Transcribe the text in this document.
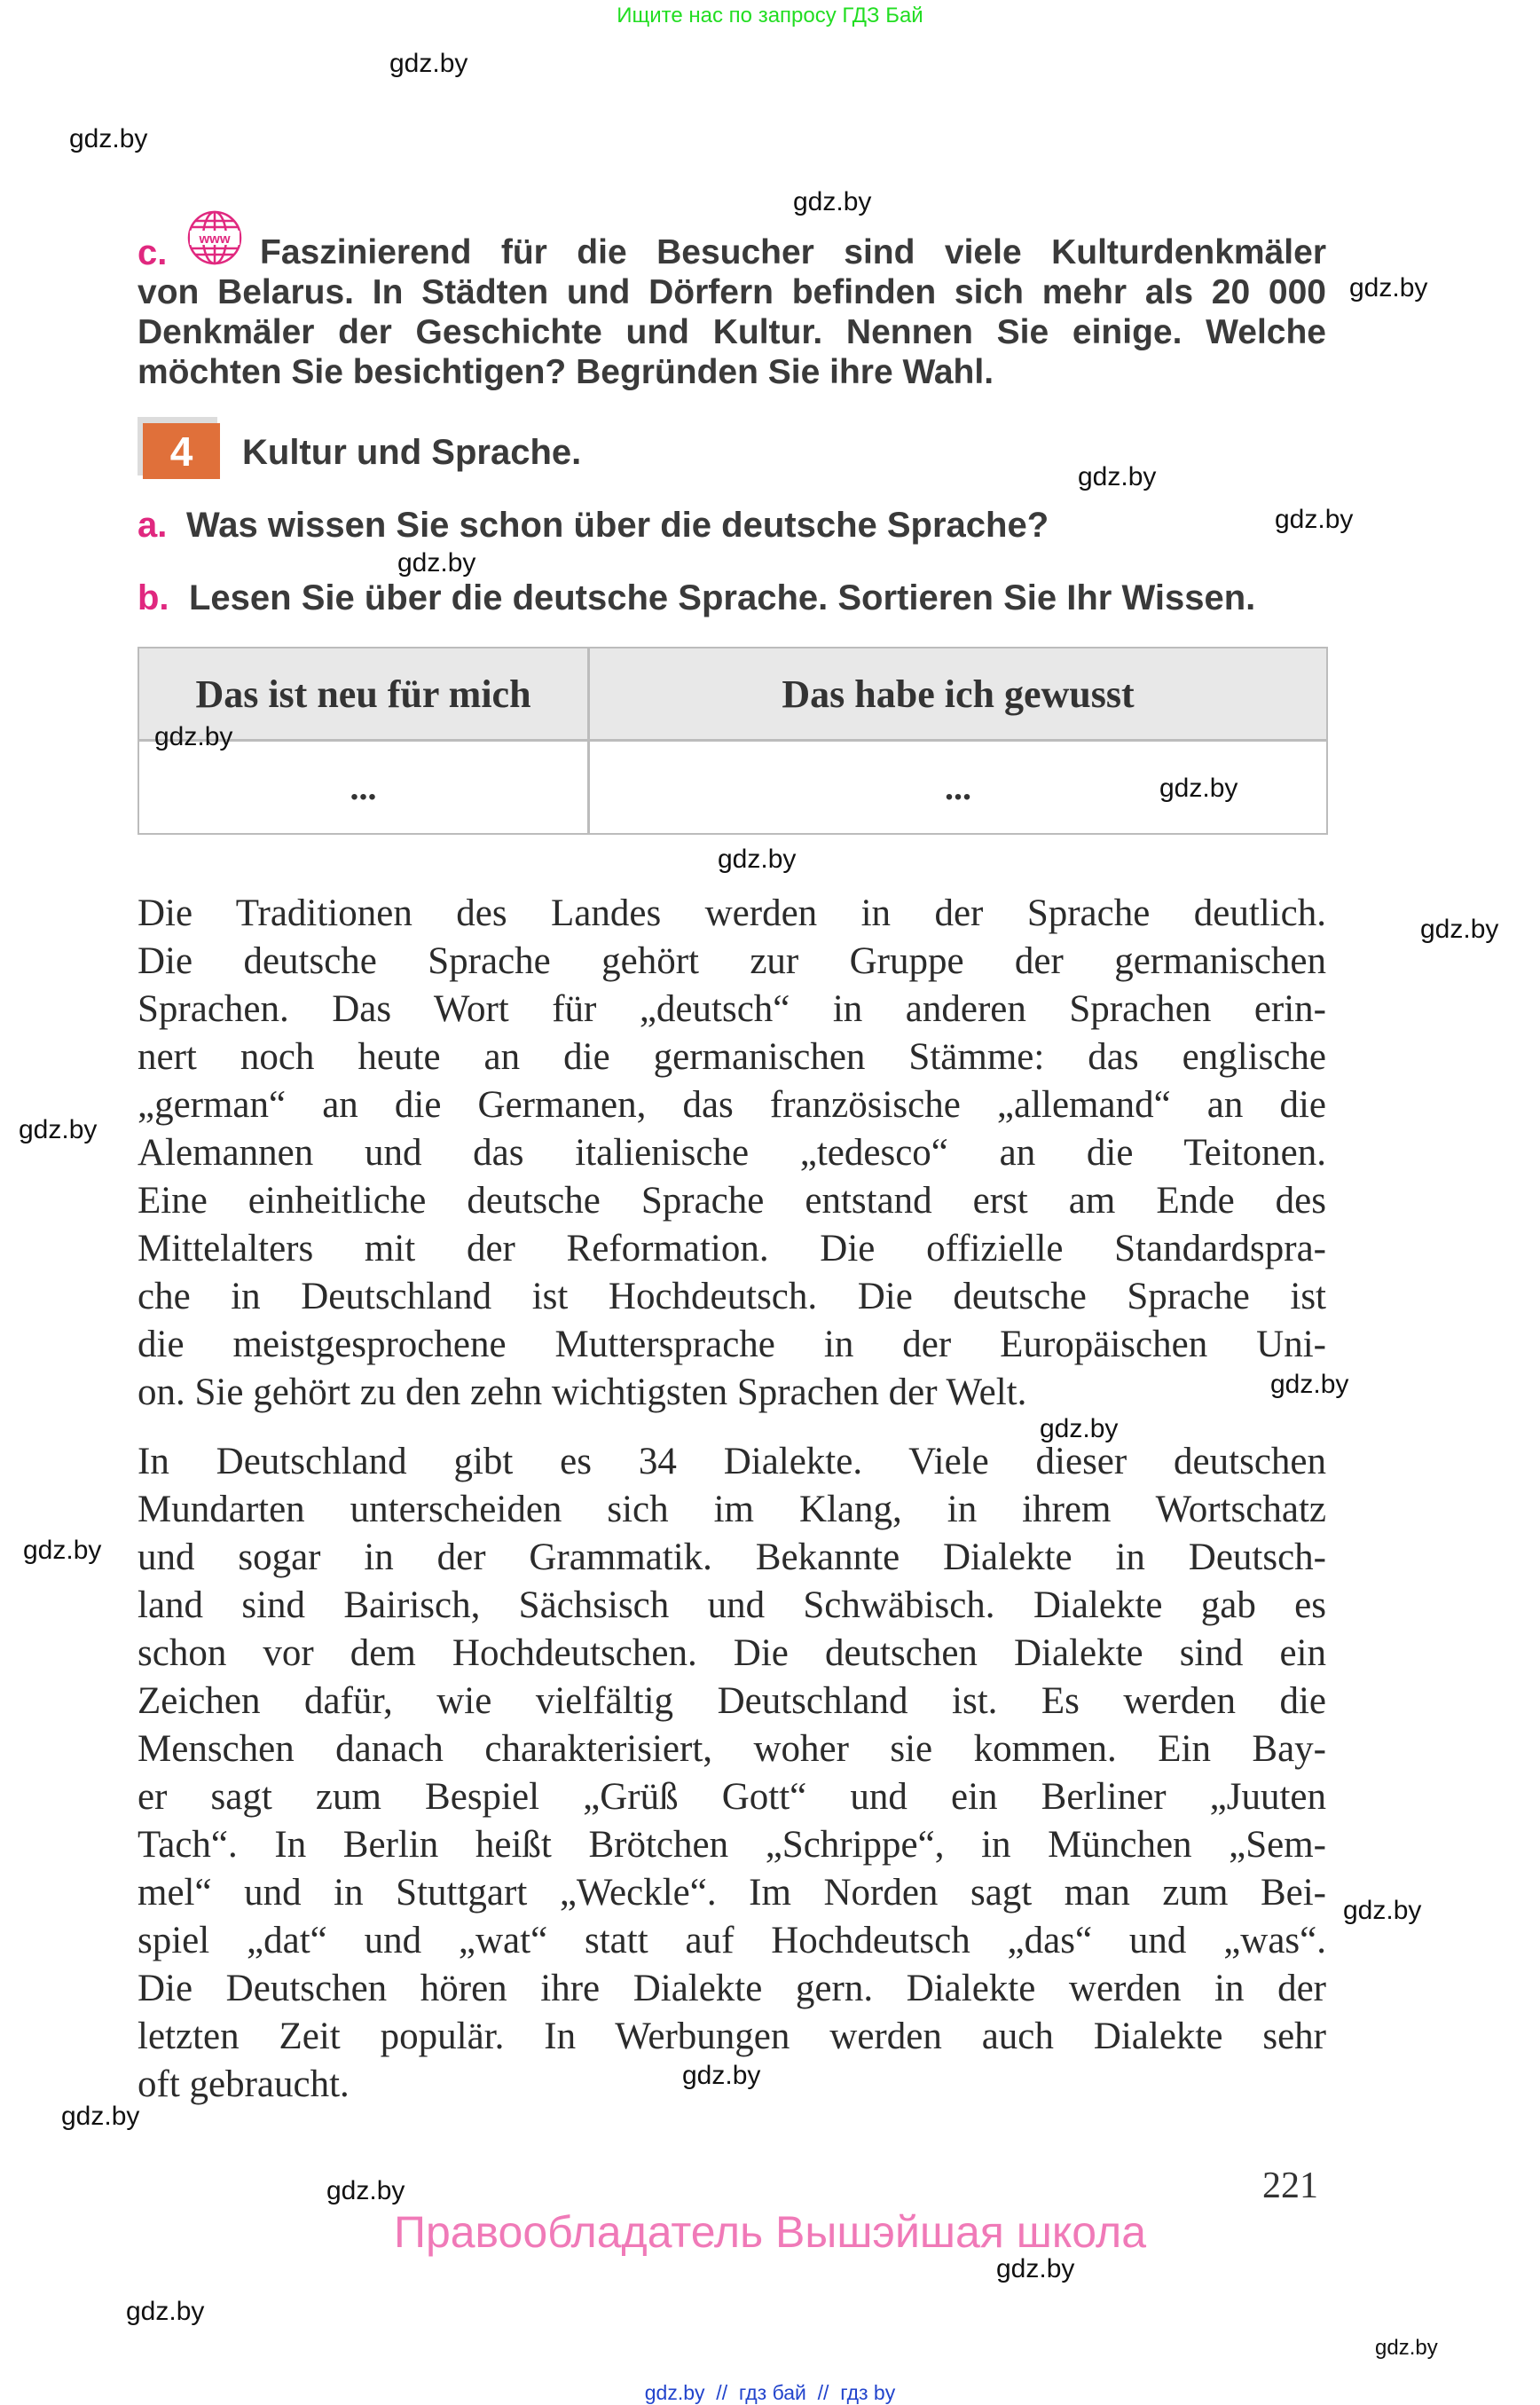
Ищите нас по запросу ГДЗ Бай
c. www Faszinierend für die Besucher sind viele Kulturdenkmäler
von Belarus. In Städten und Dörfern befinden sich mehr als 20 000
Denkmäler der Geschichte und Kultur. Nennen Sie einige. Welche
möchten Sie besichtigen? Begründen Sie ihre Wahl.
4	Kultur und Sprache.
a. Was wissen Sie schon über die deutsche Sprache?
b. Lesen Sie über die deutsche Sprache. Sortieren Sie Ihr Wissen.
Das ist neu für mich	Das habe ich gewusst
...	...
Die Traditionen des Landes werden in der Sprache deutlich.
Die deutsche Sprache gehört zur Gruppe der germanischen
Sprachen. Das Wort für „deutsch“ in anderen Sprachen erin-
nert noch heute an die germanischen Stämme: das englische
„german“ an die Germanen, das französische „allemand“ an die
Alemannen und das italienische „tedesco“ an die Teitonen.
Eine einheitliche deutsche Sprache entstand erst am Ende des
Mittelalters mit der Reformation. Die offizielle Standardspra-
che in Deutschland ist Hochdeutsch. Die deutsche Sprache ist
die meistgesprochene Muttersprache in der Europäischen Uni-
on. Sie gehört zu den zehn wichtigsten Sprachen der Welt.
In Deutschland gibt es 34 Dialekte. Viele dieser deutschen
Mundarten unterscheiden sich im Klang, in ihrem Wortschatz
und sogar in der Grammatik. Bekannte Dialekte in Deutsch-
land sind Bairisch, Sächsisch und Schwäbisch. Dialekte gab es
schon vor dem Hochdeutschen. Die deutschen Dialekte sind ein
Zeichen dafür, wie vielfältig Deutschland ist. Es werden die
Menschen danach charakterisiert, woher sie kommen. Ein Bay-
er sagt zum Bespiel „Grüß Gott“ und ein Berliner „Juuten
Tach“. In Berlin heißt Brötchen „Schrippe“, in München „Sem-
mel“ und in Stuttgart „Weckle“. Im Norden sagt man zum Bei-
spiel „dat“ und „wat“ statt auf Hochdeutsch „das“ und „was“.
Die Deutschen hören ihre Dialekte gern. Dialekte werden in der
letzten Zeit populär. In Werbungen werden auch Dialekte sehr
oft gebraucht.
221
Правообладатель Вышэйшая школа
gdz.by  //  гдз бай  //  гдз by
gdz.by
gdz.by
gdz.by
gdz.by
gdz.by
gdz.by
gdz.by
gdz.by
gdz.by
gdz.by
gdz.by
gdz.by
gdz.by
gdz.by
gdz.by
gdz.by
gdz.by
gdz.by
gdz.by
gdz.by
gdz.by
gdz.by
